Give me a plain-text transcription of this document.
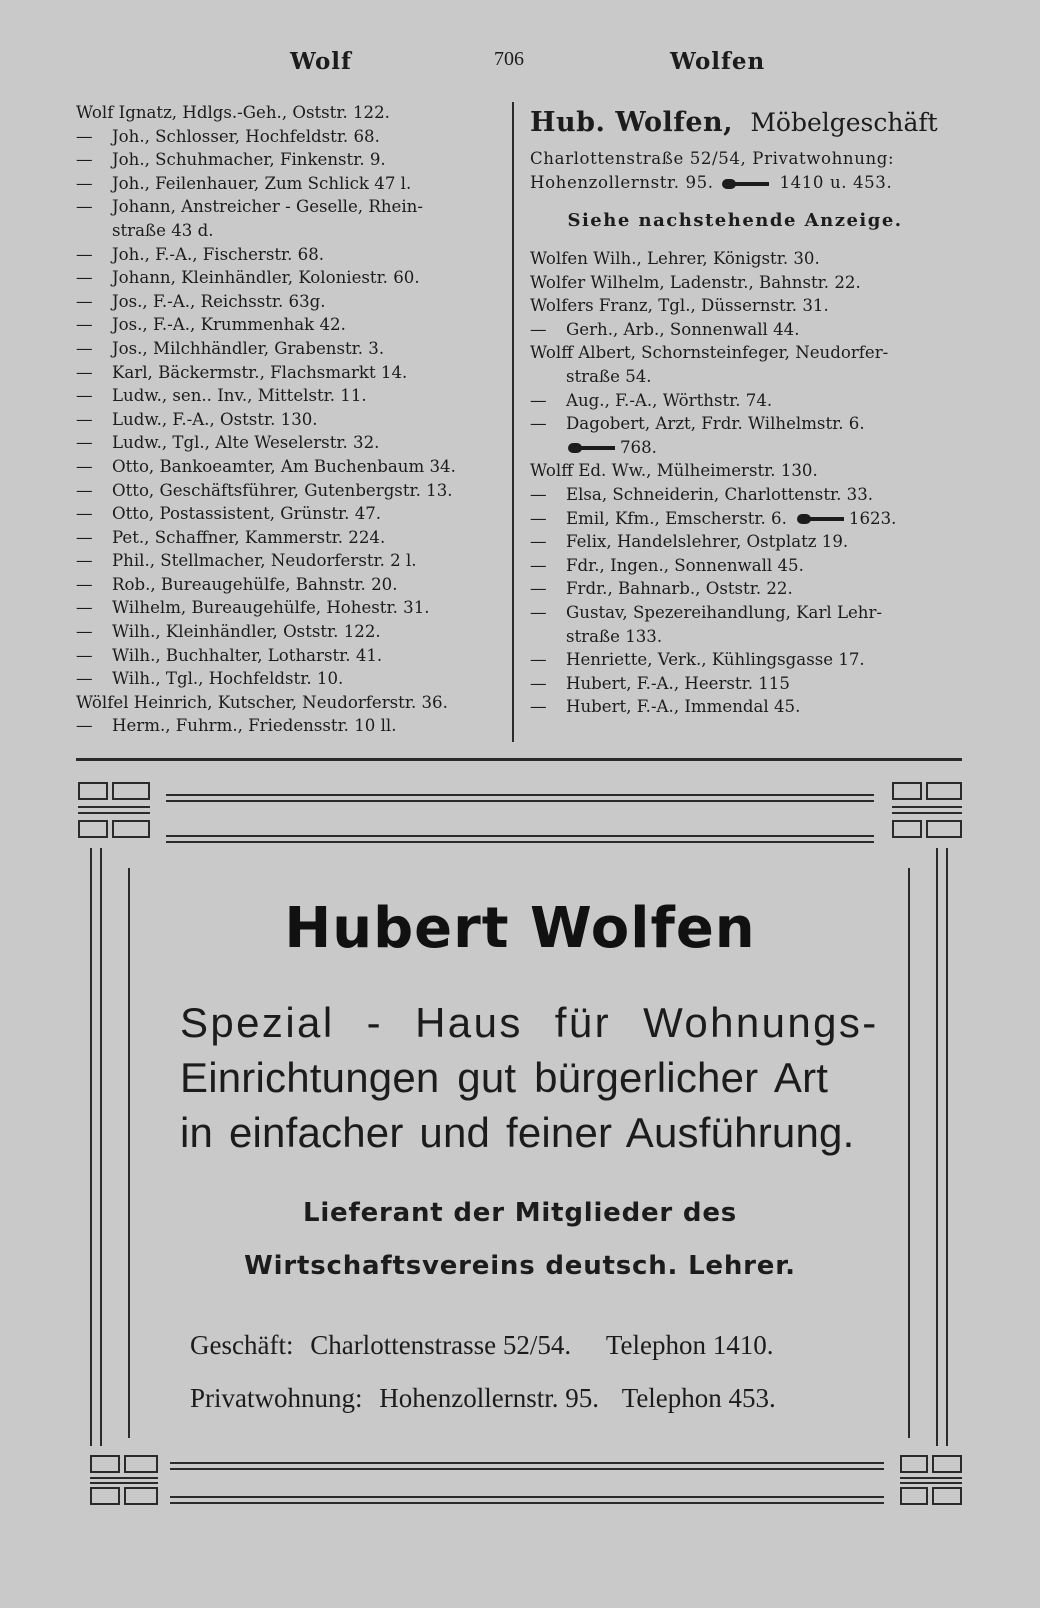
Wolf	706	Wolfen
Wolf Ignatz, Hdlgs.-Geh., Oststr. 122.
— Joh., Schlosser, Hochfeldstr. 68.
— Joh., Schuhmacher, Finkenstr. 9.
— Joh., Feilenhauer, Zum Schlick 47 l.
— Johann, Anstreicher - Geselle, Rhein-
straße 43 d.
— Joh., F.-A., Fischerstr. 68.
— Johann, Kleinhändler, Koloniestr. 60.
— Jos., F.-A., Reichsstr. 63g.
— Jos., F.-A., Krummenhak 42.
— Jos., Milchhändler, Grabenstr. 3.
— Karl, Bäckermstr., Flachsmarkt 14.
— Ludw., sen.. Inv., Mittelstr. 11.
— Ludw., F.-A., Oststr. 130.
— Ludw., Tgl., Alte Weselerstr. 32.
— Otto, Bankoeamter, Am Buchenbaum 34.
— Otto, Geschäftsführer, Gutenbergstr. 13.
— Otto, Postassistent, Grünstr. 47.
— Pet., Schaffner, Kammerstr. 224.
— Phil., Stellmacher, Neudorferstr. 2 l.
— Rob., Bureaugehülfe, Bahnstr. 20.
— Wilhelm, Bureaugehülfe, Hohestr. 31.
— Wilh., Kleinhändler, Oststr. 122.
— Wilh., Buchhalter, Lotharstr. 41.
— Wilh., Tgl., Hochfeldstr. 10.
Wölfel Heinrich, Kutscher, Neudorferstr. 36.
— Herm., Fuhrm., Friedensstr. 10 ll.
Hub. Wolfen, Möbelgeschäft
Charlottenstraße 52/54, Privatwohnung:
Hohenzollernstr. 95.	1410 u. 453.
Siehe nachstehende Anzeige.
Wolfen Wilh., Lehrer, Königstr. 30.
Wolfer Wilhelm, Ladenstr., Bahnstr. 22.
Wolfers Franz, Tgl., Düssernstr. 31.
— Gerh., Arb., Sonnenwall 44.
Wolff Albert, Schornsteinfeger, Neudorfer-
straße 54.
— Aug., F.-A., Wörthstr. 74.
— Dagobert, Arzt, Frdr. Wilhelmstr. 6.
768.
Wolff Ed. Ww., Mülheimerstr. 130.
— Elsa, Schneiderin, Charlottenstr. 33.
— Emil, Kfm., Emscherstr. 6.	1623.
— Felix, Handelslehrer, Ostplatz 19.
— Fdr., Ingen., Sonnenwall 45.
— Frdr., Bahnarb., Oststr. 22.
— Gustav, Spezereihandlung, Karl Lehr-
straße 133.
— Henriette, Verk., Kühlingsgasse 17.
— Hubert, F.-A., Heerstr. 115
— Hubert, F.-A., Immendal 45.
Hubert Wolfen
Spezial - Haus für Wohnungs-
Einrichtungen gut bürgerlicher Art
in einfacher und feiner Ausführung.
Lieferant der Mitglieder des
Wirtschaftsvereins deutsch. Lehrer.
Geschäft: Charlottenstrasse 52/54. Telephon 1410.
Privatwohnung: Hohenzollernstr. 95. Telephon 453.
